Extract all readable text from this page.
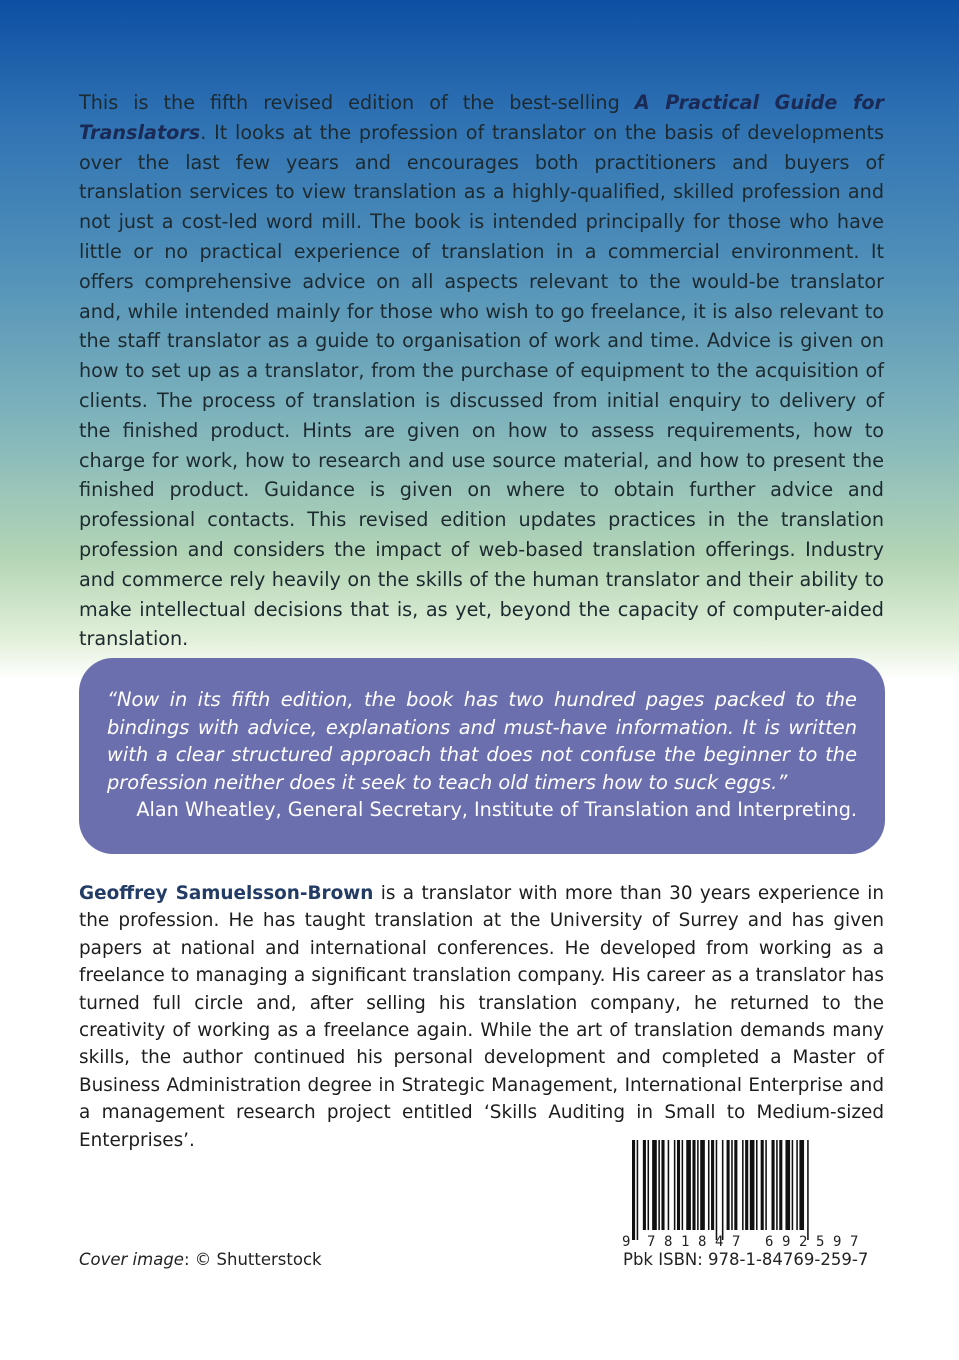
This is the fifth revised edition of the best-selling A Practical Guide for Translators. It looks at the profession of translator on the basis of developments over the last few years and encourages both practitioners and buyers of translation services to view translation as a highly-qualified, skilled profession and not just a cost-led word mill. The book is intended principally for those who have little or no practical experience of translation in a commercial environment. It offers comprehensive advice on all aspects relevant to the would-be translator and, while intended mainly for those who wish to go freelance, it is also relevant to the staff translator as a guide to organisation of work and time. Advice is given on how to set up as a translator, from the purchase of equipment to the acquisition of clients. The process of translation is discussed from initial enquiry to delivery of the finished product. Hints are given on how to assess requirements, how to charge for work, how to research and use source material, and how to present the finished product. Guidance is given on where to obtain further advice and professional contacts. This revised edition updates practices in the translation profession and considers the impact of web-based translation offerings. Industry and commerce rely heavily on the skills of the human translator and their ability to make intellectual decisions that is, as yet, beyond the capacity of computer-aided translation.

“Now in its fifth edition, the book has two hundred pages packed to the bindings with advice, explanations and must-have information. It is written with a clear structured approach that does not confuse the beginner to the profession neither does it seek to teach old timers how to suck eggs.”

Alan Wheatley, General Secretary, Institute of Translation and Interpreting.

Geoffrey Samuelsson-Brown is a translator with more than 30 years experience in the profession. He has taught translation at the University of Surrey and has given papers at national and international conferences. He developed from working as a freelance to managing a significant translation company. His career as a translator has turned full circle and, after selling his translation company, he returned to the creativity of working as a freelance again. While the art of translation demands many skills, the author continued his personal development and completed a Master of Business Administration degree in Strategic Management, International Enterprise and a management research project entitled ‘Skills Auditing in Small to Medium-sized Enterprises’.

9 7 8 1 8 4 7 6 9 2 5 9 7
Pbk ISBN: 978-1-84769-259-7
Cover image: © Shutterstock
